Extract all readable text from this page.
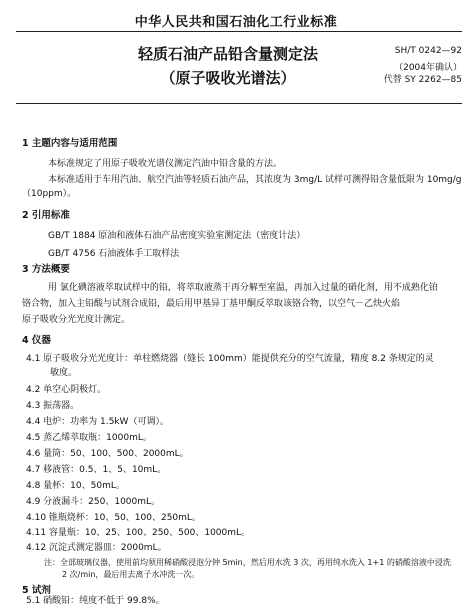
中华人民共和国石油化工行业标准
轻质石油产品铅含量测定法
（原子吸收光谱法）
SH/T 0242—92
（2004年确认）
代替 SY 2262—85
1 主题内容与适用范围
本标准规定了用原子吸收光谱仪测定汽油中铅含量的方法。
本标准适用于车用汽油、航空汽油等轻质石油产品，其浓度为 3mg/L 试样可测得铅含量低限为 10mg/g
（10ppm）。
2 引用标准
GB/T 1884 原油和液体石油产品密度实验室测定法（密度计法）
GB/T 4756 石油液体手工取样法
3 方法概要
用 氯化碘溶液萃取试样中的铅，将萃取液蒸干再分解至室温，再加入过量的硝化剂，用不成熟化铂
铬合物，加入主铅酸与试剂合成铅，最后用甲基异丁基甲酮反萃取该铬合物，以空气－乙炔火焰
原子吸收分光光度计测定。
4 仪器
4.1 原子吸收分光光度计：单柱燃烧器（缝长 100mm）能提供充分的空气流量，精度 8.2 条规定的灵
敏度。
4.2 单空心阴极灯。
4.3 振荡器。
4.4 电炉：功率为 1.5kW（可调）。
4.5 蒸乙烯萃取瓶：1000mL。
4.6 量筒：50、100、500、2000mL。
4.7 移液管：0.5、1、5、10mL。
4.8 量杯：10、50mL。
4.9 分液漏斗：250、1000mL。
4.10 锥瓶烧杯：10、50、100、250mL。
4.11 容量瓶：10、25、100、250、500、1000mL。
4.12 沉淀式测定器皿：2000mL。
注：全部玻璃仪器，使用前均须用稀硝酸浸泡分钟 5min，然后用水洗 3 次，再用纯水洗入 1+1 的硝酸溶液中浸洗
2 次/min，最后用去离子水冲洗一次。
5 试剂
5.1 硝酸铅：纯度不低于 99.8%。
